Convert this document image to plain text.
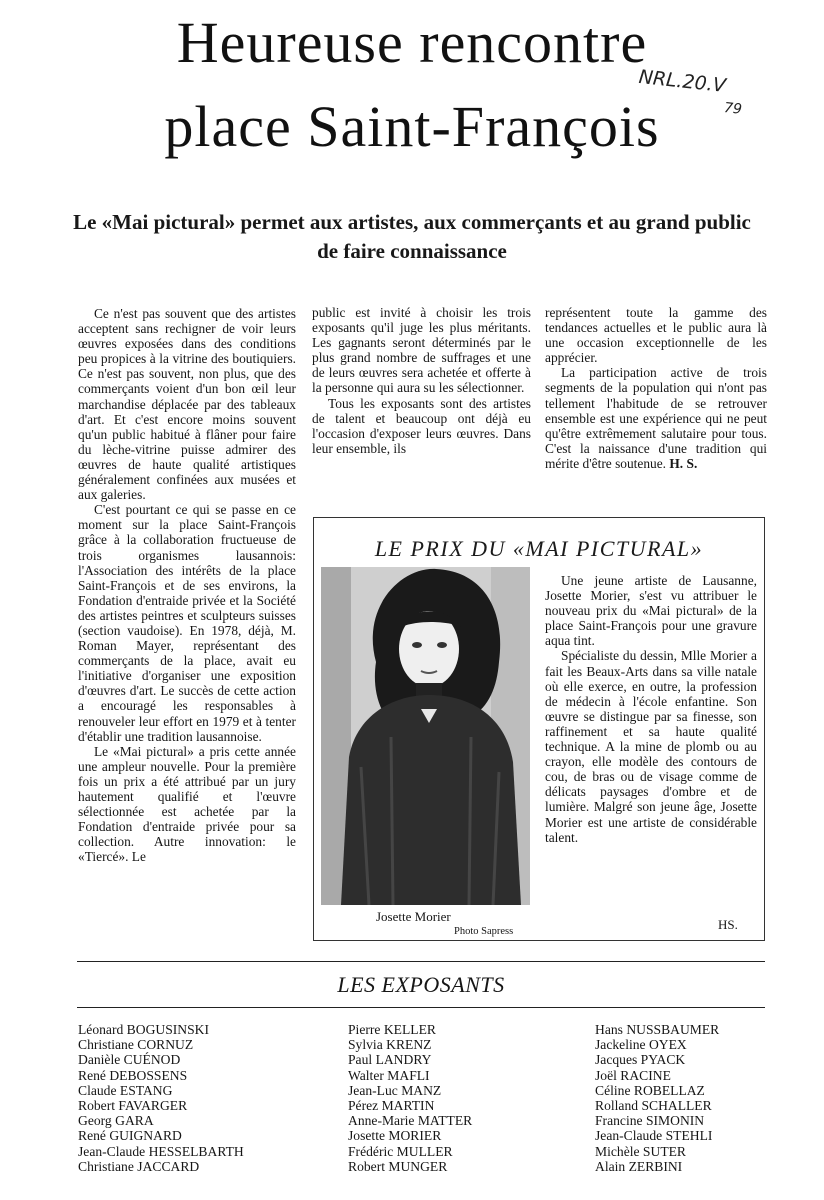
Heureuse rencontre
place Saint-François
NRL.20.V
79
Le «Mai pictural» permet aux artistes, aux commerçants et au grand public de faire connaissance

Ce n'est pas souvent que des artistes acceptent sans rechigner de voir leurs œuvres exposées dans des conditions peu propices à la vitrine des boutiquiers. Ce n'est pas souvent, non plus, que des commerçants voient d'un bon œil leur marchandise déplacée par des tableaux d'art. Et c'est encore moins souvent qu'un public habitué à flâner pour faire du lèche-vitrine puisse admirer des œuvres de haute qualité artistiques généralement confinées aux musées et aux galeries.

C'est pourtant ce qui se passe en ce moment sur la place Saint-François grâce à la collaboration fructueuse de trois organismes lausannois: l'Association des intérêts de la place Saint-François et de ses environs, la Fondation d'entraide privée et la Société des artistes peintres et sculpteurs suisses (section vaudoise). En 1978, déjà, M. Roman Mayer, représentant des commerçants de la place, avait eu l'initiative d'organiser une exposition d'œuvres d'art. Le succès de cette action a encouragé les responsables à renouveler leur effort en 1979 et à tenter d'établir une tradition lausannoise.

Le «Mai pictural» a pris cette année une ampleur nouvelle. Pour la première fois un prix a été attribué par un jury hautement qualifié et l'œuvre sélectionnée est achetée par la Fondation d'entraide privée pour sa collection. Autre innovation: le «Tiercé». Le

public est invité à choisir les trois exposants qu'il juge les plus méritants. Les gagnants seront déterminés par le plus grand nombre de suffrages et une de leurs œuvres sera achetée et offerte à la personne qui aura su les sélectionner.

Tous les exposants sont des artistes de talent et beaucoup ont déjà eu l'occasion d'exposer leurs œuvres. Dans leur ensemble, ils

représentent toute la gamme des tendances actuelles et le public aura là une occasion exceptionnelle de les apprécier.

La participation active de trois segments de la population qui n'ont pas tellement l'habitude de se retrouver ensemble est une expérience qui ne peut qu'être extrêmement salutaire pour tous. C'est la naissance d'une tradition qui mérite d'être soutenue. H. S.

LE PRIX DU «MAI PICTURAL»
Josette Morier
Photo Sapress

Une jeune artiste de Lausanne, Josette Morier, s'est vu attribuer le nouveau prix du «Mai pictural» de la place Saint-François pour une gravure aqua tint.

Spécialiste du dessin, Mlle Morier a fait les Beaux-Arts dans sa ville natale où elle exerce, en outre, la profession de médecin à l'école enfantine. Son œuvre se distingue par sa finesse, son raffinement et sa haute qualité technique. A la mine de plomb ou au crayon, elle modèle des contours de cou, de bras ou de visage comme de délicats paysages d'ombre et de lumière. Malgré son jeune âge, Josette Morier est une artiste de considérable talent.

HS.
LES EXPOSANTS
Léonard BOGUSINSKI
Christiane CORNUZ
Danièle CUÉNOD
René DEBOSSENS
Claude ESTANG
Robert FAVARGER
Georg GARA
René GUIGNARD
Jean-Claude HESSELBARTH
Christiane JACCARD
Pierre KELLER
Sylvia KRENZ
Paul LANDRY
Walter MAFLI
Jean-Luc MANZ
Pérez MARTIN
Anne-Marie MATTER
Josette MORIER
Frédéric MULLER
Robert MUNGER
Hans NUSSBAUMER
Jackeline OYEX
Jacques PYACK
Joël RACINE
Céline ROBELLAZ
Rolland SCHALLER
Francine SIMONIN
Jean-Claude STEHLI
Michèle SUTER
Alain ZERBINI
